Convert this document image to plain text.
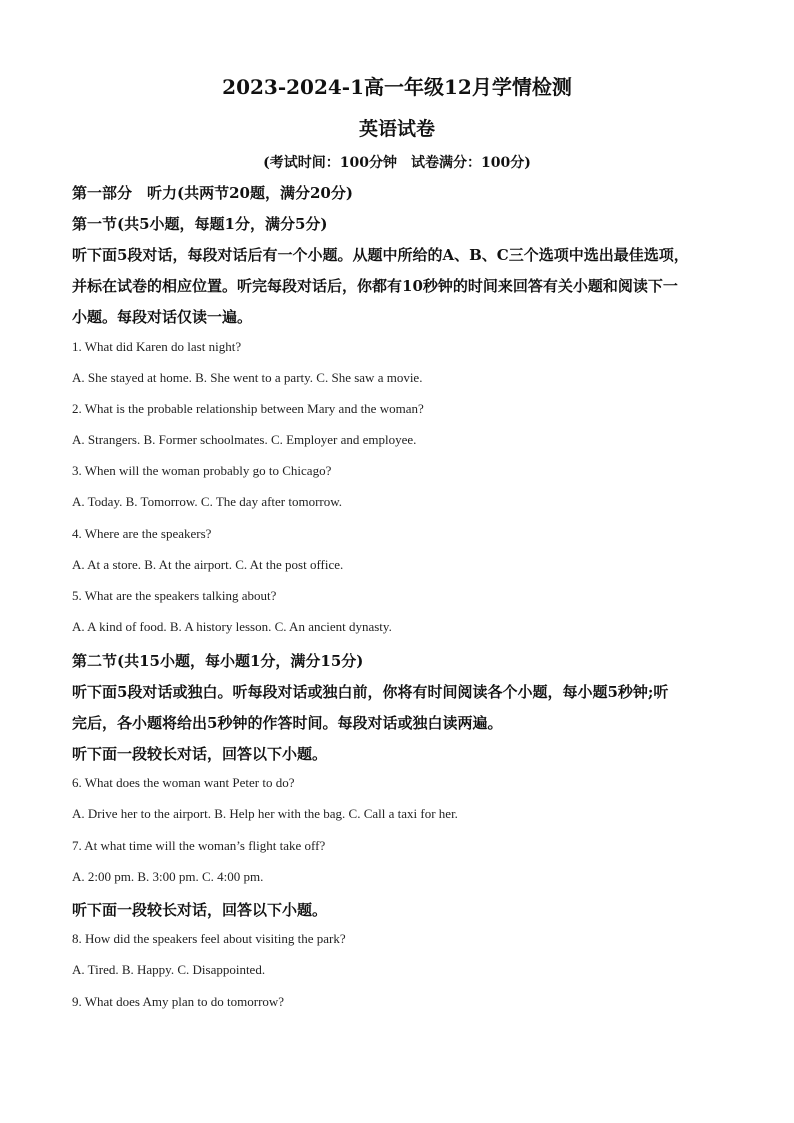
2023-2024-1高一年级12月学情检测
英语试卷
(考试时间：100分钟　试卷满分：100分)
第一部分　听力(共两节20题，满分20分)
第一节(共5小题，每题1分，满分5分)
听下面5段对话，每段对话后有一个小题。从题中所给的A、B、C三个选项中选出最佳选项，
并标在试卷的相应位置。听完每段对话后，你都有10秒钟的时间来回答有关小题和阅读下一
小题。每段对话仅读一遍。
1. What did Karen do last night?
A. She stayed at home. B. She went to a party. C. She saw a movie.
2. What is the probable relationship between Mary and the woman?
A. Strangers. B. Former schoolmates. C. Employer and employee.
3. When will the woman probably go to Chicago?
A. Today. B. Tomorrow. C. The day after tomorrow.
4. Where are the speakers?
A. At a store. B. At the airport. C. At the post office.
5. What are the speakers talking about?
A. A kind of food. B. A history lesson. C. An ancient dynasty.
第二节(共15小题，每小题1分，满分15分)
听下面5段对话或独白。听每段对话或独白前，你将有时间阅读各个小题，每小题5秒钟;听
完后，各小题将给出5秒钟的作答时间。每段对话或独白读两遍。
听下面一段较长对话，回答以下小题。
6. What does the woman want Peter to do?
A. Drive her to the airport. B. Help her with the bag. C. Call a taxi for her.
7. At what time will the woman’s flight take off?
A. 2:00 pm. B. 3:00 pm. C. 4:00 pm.
听下面一段较长对话，回答以下小题。
8. How did the speakers feel about visiting the park?
A. Tired. B. Happy. C. Disappointed.
9. What does Amy plan to do tomorrow?
